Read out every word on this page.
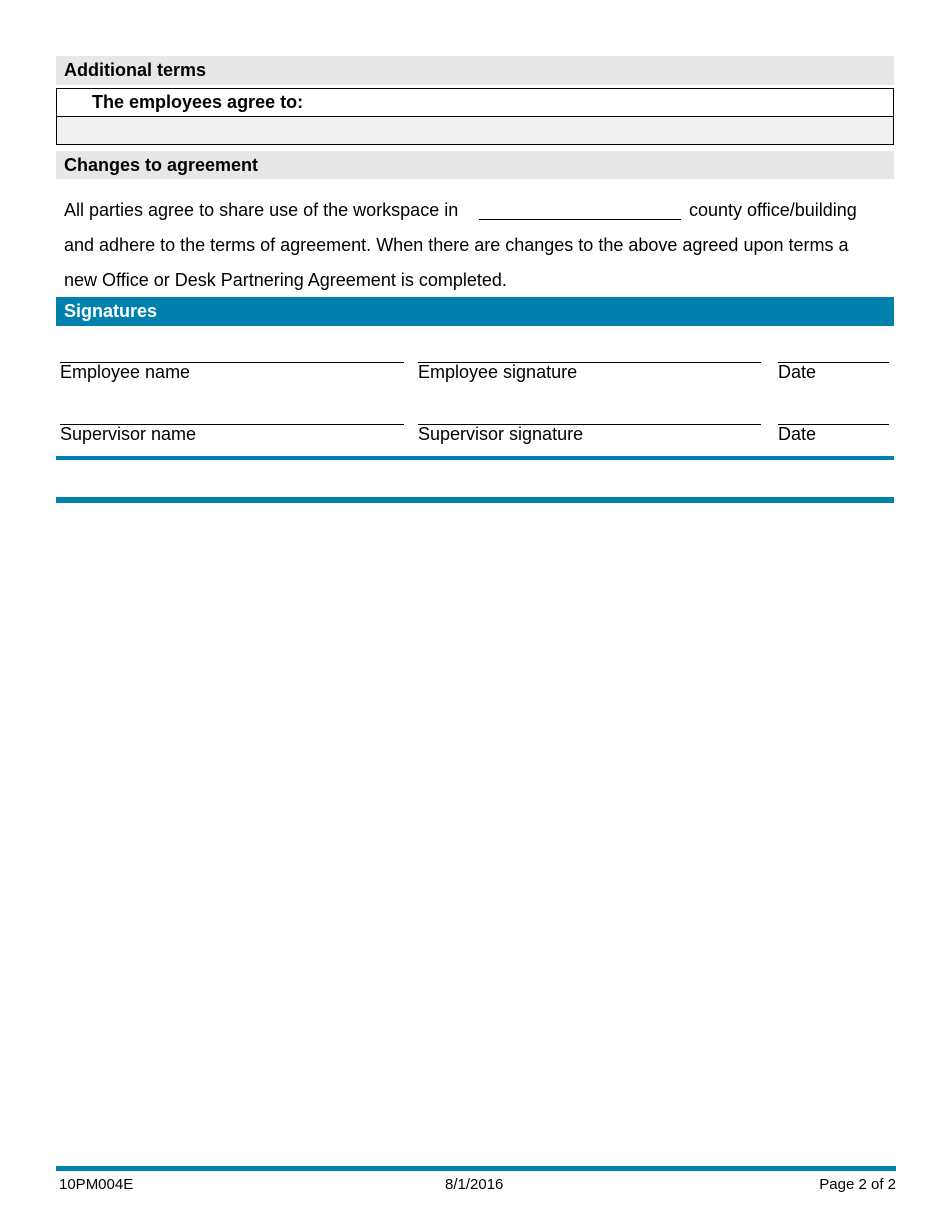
Additional terms
The employees agree to:
Changes to agreement
All parties agree to share use of the workspace in	county office/building
and adhere to the terms of agreement. When there are changes to the above agreed upon terms a
new Office or Desk Partnering Agreement is completed.
Signatures
Employee name	Employee signature	Date
Supervisor name	Supervisor signature	Date
10PM004E	8/1/2016	Page 2 of 2
